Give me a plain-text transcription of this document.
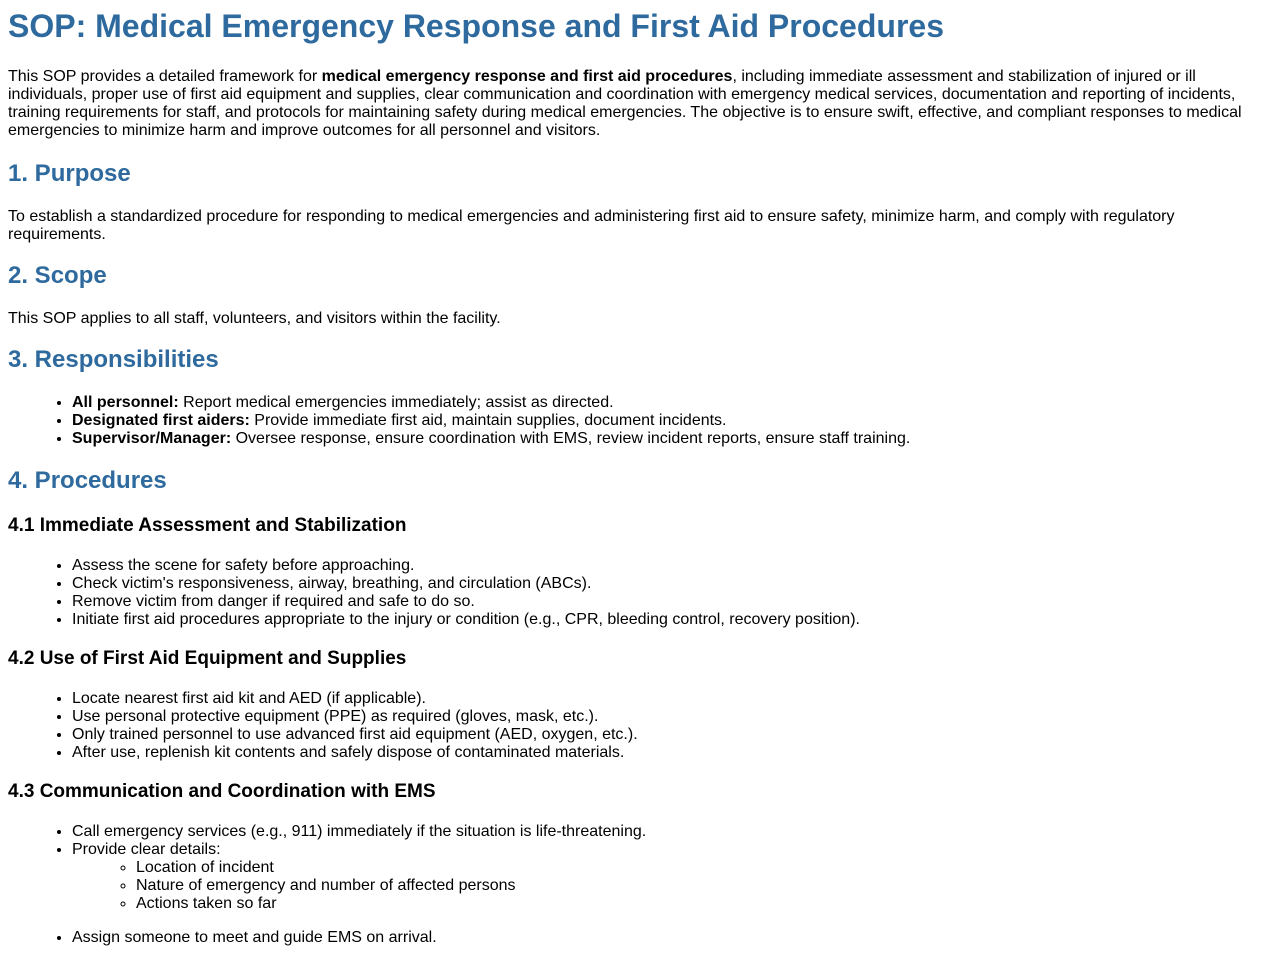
SOP: Medical Emergency Response and First Aid Procedures

This SOP provides a detailed framework for medical emergency response and first aid procedures, including immediate assessment and stabilization of injured or ill individuals, proper use of first aid equipment and supplies, clear communication and coordination with emergency medical services, documentation and reporting of incidents, training requirements for staff, and protocols for maintaining safety during medical emergencies. The objective is to ensure swift, effective, and compliant responses to medical emergencies to minimize harm and improve outcomes for all personnel and visitors.

1. Purpose

To establish a standardized procedure for responding to medical emergencies and administering first aid to ensure safety, minimize harm, and comply with regulatory requirements.

2. Scope

This SOP applies to all staff, volunteers, and visitors within the facility.

3. Responsibilities
• All personnel: Report medical emergencies immediately; assist as directed.
• Designated first aiders: Provide immediate first aid, maintain supplies, document incidents.
• Supervisor/Manager: Oversee response, ensure coordination with EMS, review incident reports, ensure staff training.
4. Procedures
4.1 Immediate Assessment and Stabilization
• Assess the scene for safety before approaching.
• Check victim's responsiveness, airway, breathing, and circulation (ABCs).
• Remove victim from danger if required and safe to do so.
• Initiate first aid procedures appropriate to the injury or condition (e.g., CPR, bleeding control, recovery position).
4.2 Use of First Aid Equipment and Supplies
• Locate nearest first aid kit and AED (if applicable).
• Use personal protective equipment (PPE) as required (gloves, mask, etc.).
• Only trained personnel to use advanced first aid equipment (AED, oxygen, etc.).
• After use, replenish kit contents and safely dispose of contaminated materials.
4.3 Communication and Coordination with EMS
• Call emergency services (e.g., 911) immediately if the situation is life-threatening.
• Provide clear details:
◦ Location of incident
◦ Nature of emergency and number of affected persons
◦ Actions taken so far
• Assign someone to meet and guide EMS on arrival.
